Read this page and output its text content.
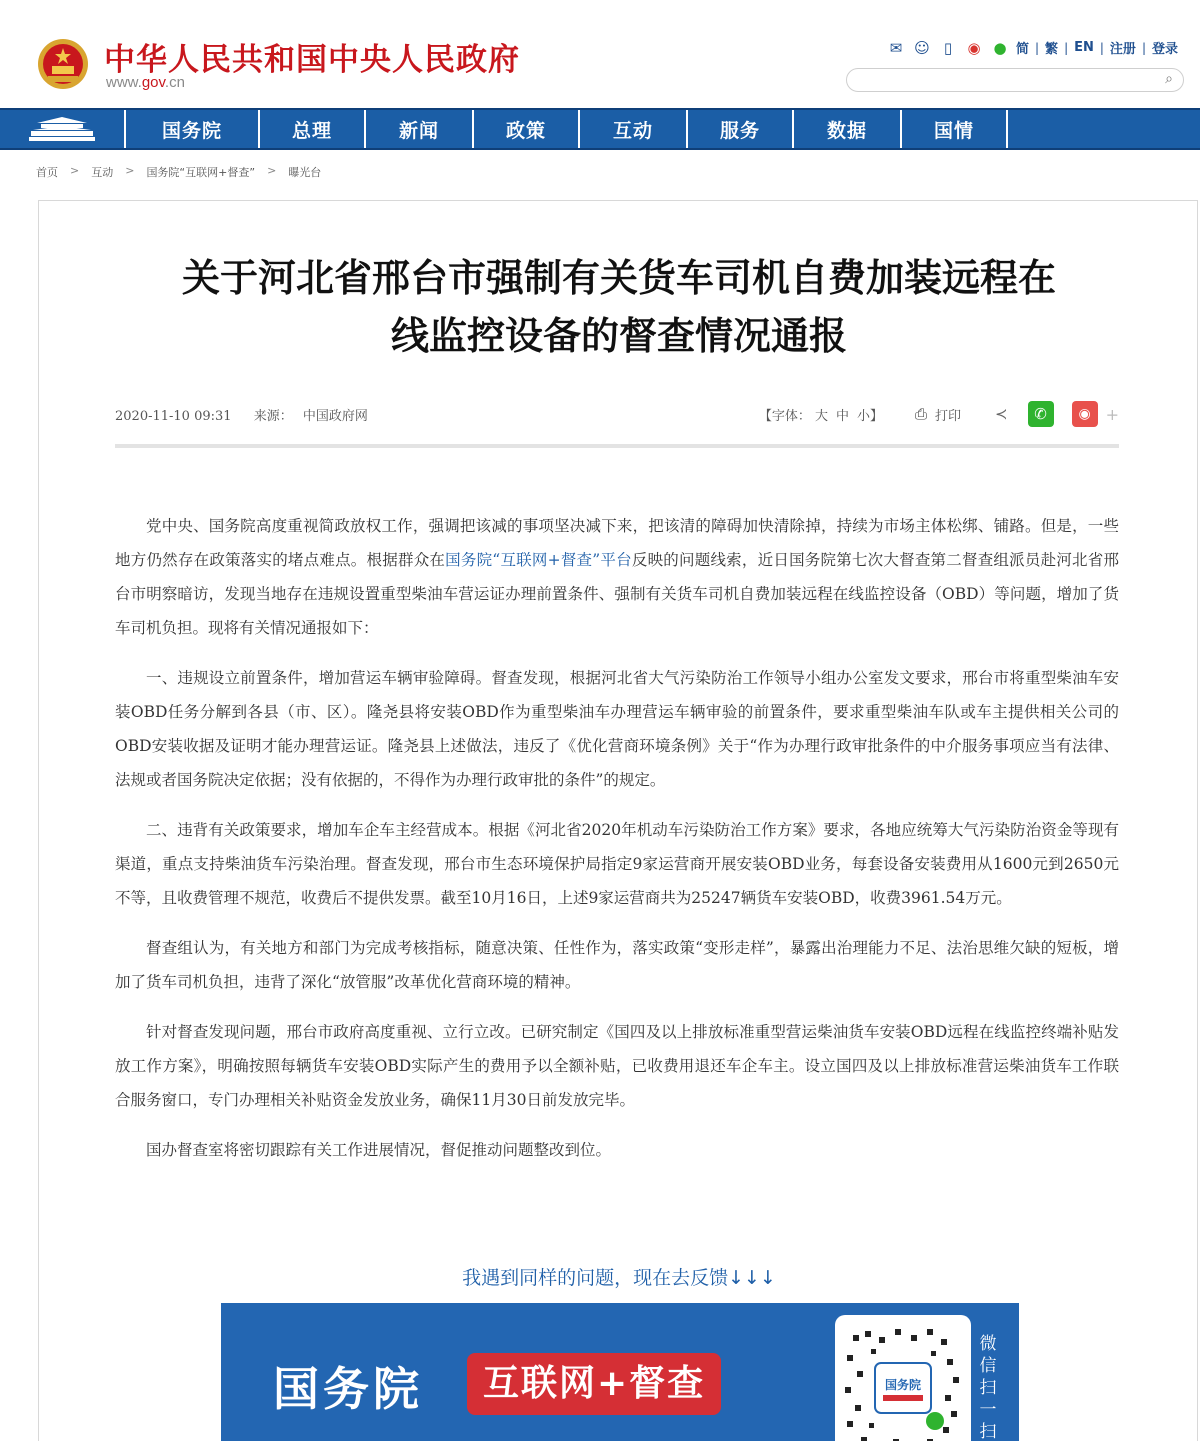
中华人民共和国中央人民政府
www.gov.cn
✉ ☺ ▯	◉ ● 简 | 繁 | EN | 注册 | 登录
⌕
国务院	总理	新闻	政策	互动	服务	数据	国情
首页 > 互动 > 国务院“互联网+督查” > 曝光台
关于河北省邢台市强制有关货车司机自费加装远程在
线监控设备的督查情况通报
2020-11-10 09:31 来源： 中国政府网	【字体： 大 中 小】 ⎙ 打印 ≺	✆	◉ +

党中央、国务院高度重视简政放权工作，强调把该减的事项坚决减下来，把该清的障碍加快清除掉，持续为市场主体松绑、铺路。但是，一些地方仍然存在政策落实的堵点难点。根据群众在国务院“互联网+督查”平台反映的问题线索，近日国务院第七次大督查第二督查组派员赴河北省邢台市明察暗访，发现当地存在违规设置重型柴油车营运证办理前置条件、强制有关货车司机自费加装远程在线监控设备（OBD）等问题，增加了货车司机负担。现将有关情况通报如下：

一、违规设立前置条件，增加营运车辆审验障碍。督查发现，根据河北省大气污染防治工作领导小组办公室发文要求，邢台市将重型柴油车安装OBD任务分解到各县（市、区）。隆尧县将安装OBD作为重型柴油车办理营运车辆审验的前置条件，要求重型柴油车队或车主提供相关公司的OBD安装收据及证明才能办理营运证。隆尧县上述做法，违反了《优化营商环境条例》关于“作为办理行政审批条件的中介服务事项应当有法律、法规或者国务院决定依据；没有依据的，不得作为办理行政审批的条件”的规定。

二、违背有关政策要求，增加车企车主经营成本。根据《河北省2020年机动车污染防治工作方案》要求，各地应统筹大气污染防治资金等现有渠道，重点支持柴油货车污染治理。督查发现，邢台市生态环境保护局指定9家运营商开展安装OBD业务，每套设备安装费用从1600元到2650元不等，且收费管理不规范，收费后不提供发票。截至10月16日，上述9家运营商共为25247辆货车安装OBD，收费3961.54万元。

督查组认为，有关地方和部门为完成考核指标，随意决策、任性作为，落实政策“变形走样”，暴露出治理能力不足、法治思维欠缺的短板，增加了货车司机负担，违背了深化“放管服”改革优化营商环境的精神。

针对督查发现问题，邢台市政府高度重视、立行立改。已研究制定《国四及以上排放标准重型营运柴油货车安装OBD远程在线监控终端补贴发放工作方案》，明确按照每辆货车安装OBD实际产生的费用予以全额补贴，已收费用退还车企车主。设立国四及以上排放标准营运柴油货车工作联合服务窗口，专门办理相关补贴资金发放业务，确保11月30日前发放完毕。

国办督查室将密切跟踪有关工作进展情况，督促推动问题整改到位。

我遇到同样的问题，现在去反馈↓↓↓
国务院	互联网+督查	国务院
微信扫一扫
